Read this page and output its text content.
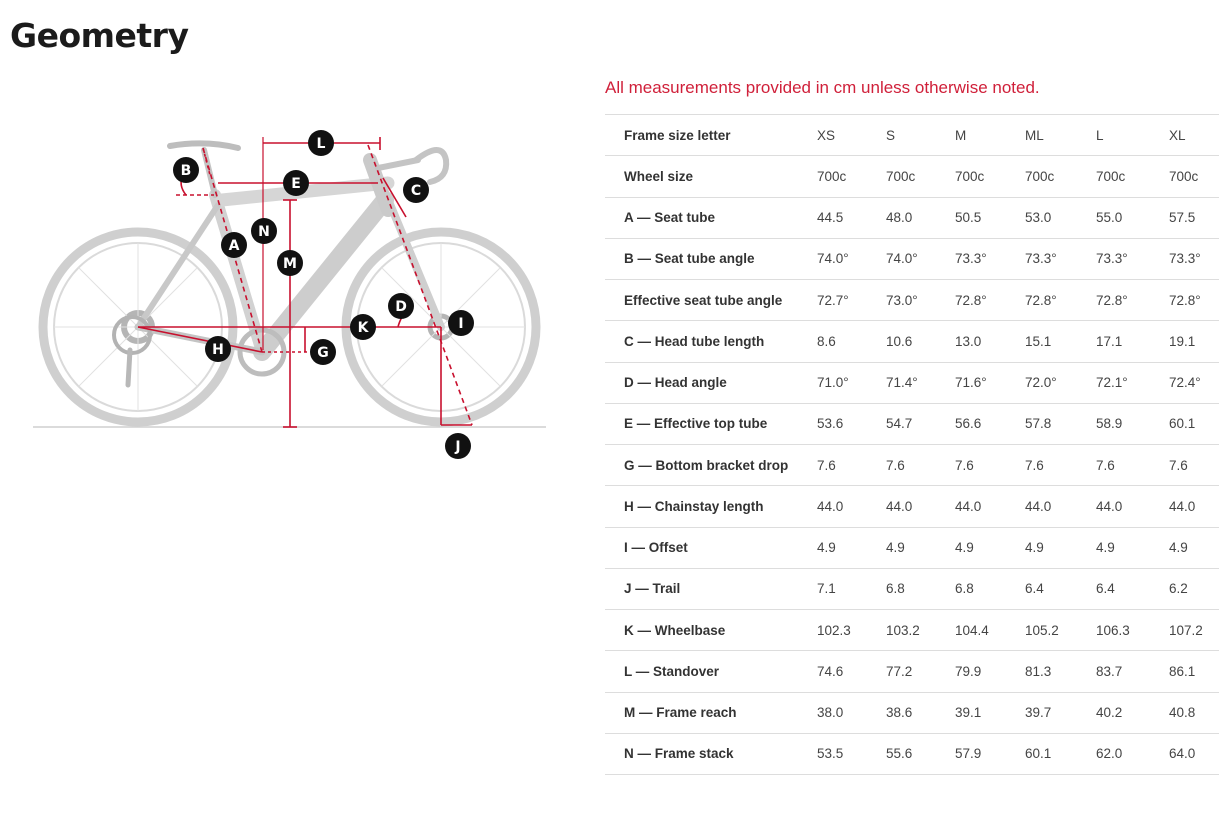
Geometry
L
B
E	C
N
A
M
D
I
K
H	G
J
All measurements provided in cm unless otherwise noted.
Frame size letter	XS	S	M	ML	L	XL
Wheel size	700c	700c	700c	700c	700c	700c
A — Seat tube	44.5	48.0	50.5	53.0	55.0	57.5
B — Seat tube angle	74.0°	74.0°	73.3°	73.3°	73.3°	73.3°
Effective seat tube angle	72.7°	73.0°	72.8°	72.8°	72.8°	72.8°
C — Head tube length	8.6	10.6	13.0	15.1	17.1	19.1
D — Head angle	71.0°	71.4°	71.6°	72.0°	72.1°	72.4°
E — Effective top tube	53.6	54.7	56.6	57.8	58.9	60.1
G — Bottom bracket drop	7.6	7.6	7.6	7.6	7.6	7.6
H — Chainstay length	44.0	44.0	44.0	44.0	44.0	44.0
I — Offset	4.9	4.9	4.9	4.9	4.9	4.9
J — Trail	7.1	6.8	6.8	6.4	6.4	6.2
K — Wheelbase	102.3	103.2	104.4	105.2	106.3	107.2
L — Standover	74.6	77.2	79.9	81.3	83.7	86.1
M — Frame reach	38.0	38.6	39.1	39.7	40.2	40.8
N — Frame stack	53.5	55.6	57.9	60.1	62.0	64.0
